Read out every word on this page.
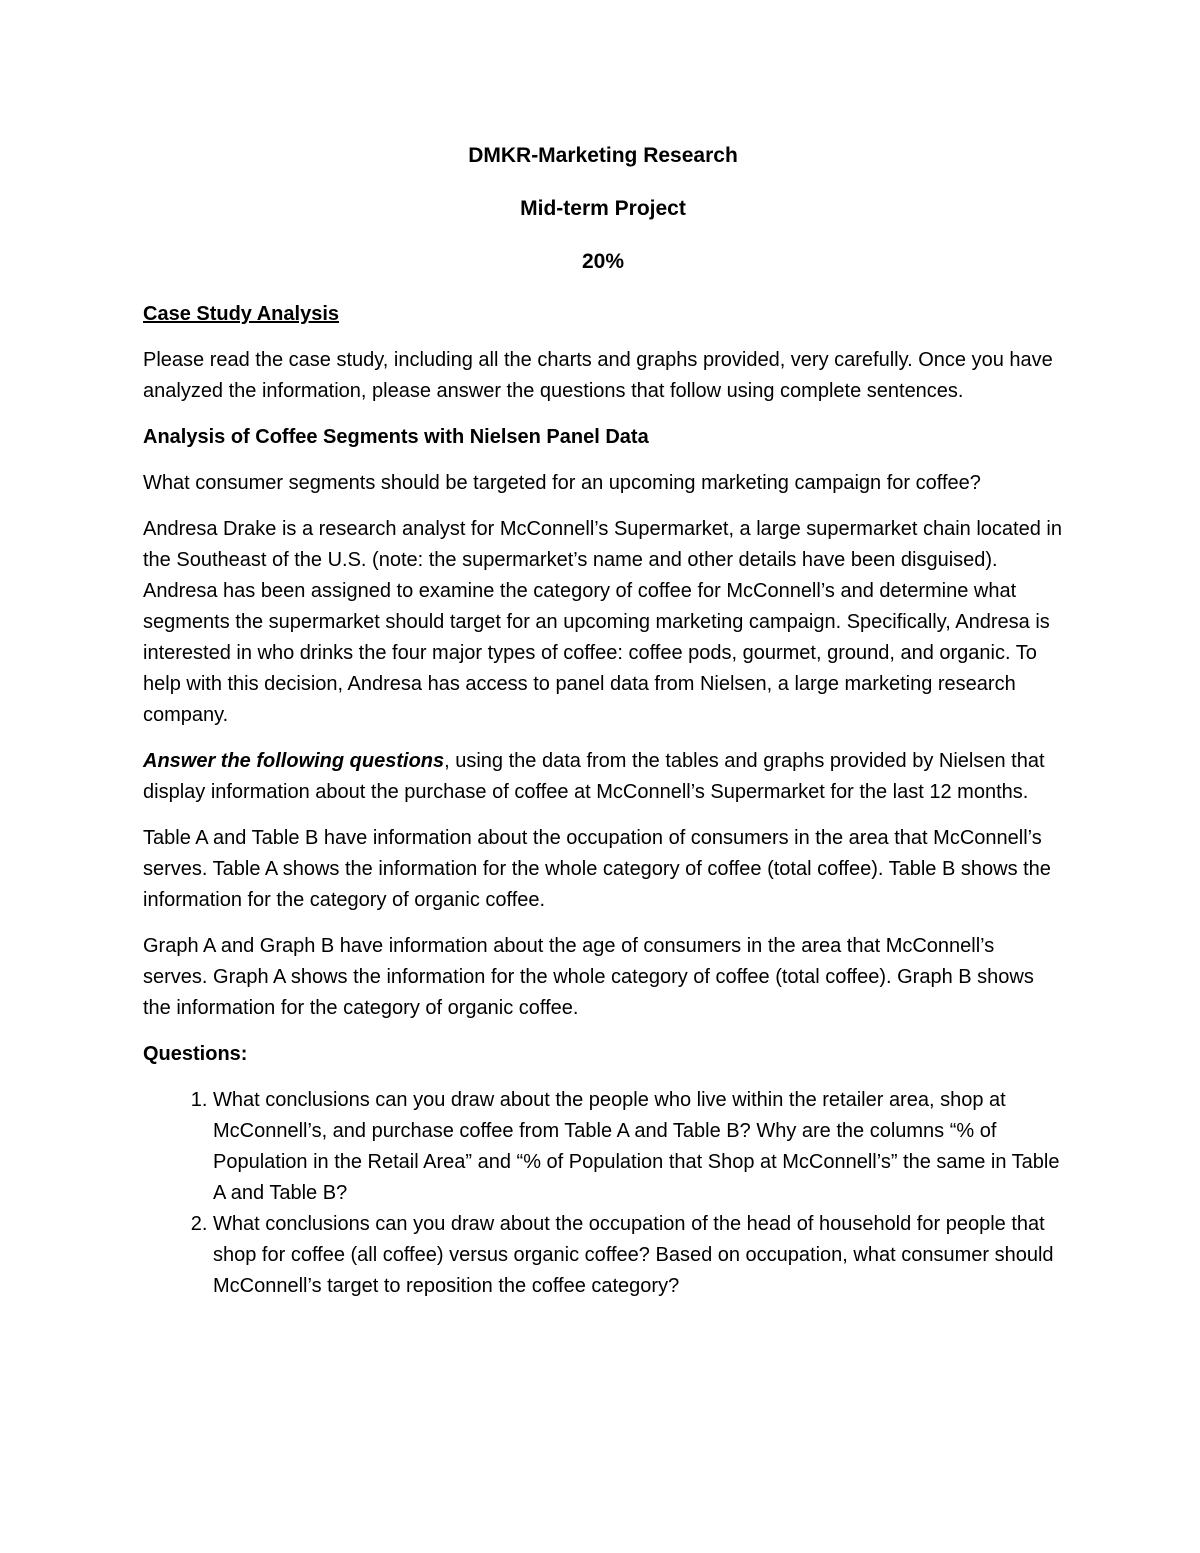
DMKR-Marketing Research
Mid-term Project
20%
Case Study Analysis

Please read the case study, including all the charts and graphs provided, very carefully. Once you have analyzed the information, please answer the questions that follow using complete sentences.

Analysis of Coffee Segments with Nielsen Panel Data

What consumer segments should be targeted for an upcoming marketing campaign for coffee?

Andresa Drake is a research analyst for McConnell’s Supermarket, a large supermarket chain located in the Southeast of the U.S. (note: the supermarket’s name and other details have been disguised). Andresa has been assigned to examine the category of coffee for McConnell’s and determine what segments the supermarket should target for an upcoming marketing campaign. Specifically, Andresa is interested in who drinks the four major types of coffee: coffee pods, gourmet, ground, and organic. To help with this decision, Andresa has access to panel data from Nielsen, a large marketing research company.

Answer the following questions, using the data from the tables and graphs provided by Nielsen that display information about the purchase of coffee at McConnell’s Supermarket for the last 12 months.

Table A and Table B have information about the occupation of consumers in the area that McConnell’s serves. Table A shows the information for the whole category of coffee (total coffee). Table B shows the information for the category of organic coffee.

Graph A and Graph B have information about the age of consumers in the area that McConnell’s serves. Graph A shows the information for the whole category of coffee (total coffee). Graph B shows the information for the category of organic coffee.

Questions:
1. What conclusions can you draw about the people who live within the retailer area, shop at McConnell’s, and purchase coffee from Table A and Table B? Why are the columns “% of Population in the Retail Area” and “% of Population that Shop at McConnell’s” the same in Table A and Table B?
2. What conclusions can you draw about the occupation of the head of household for people that shop for coffee (all coffee) versus organic coffee? Based on occupation, what consumer should McConnell’s target to reposition the coffee category?
